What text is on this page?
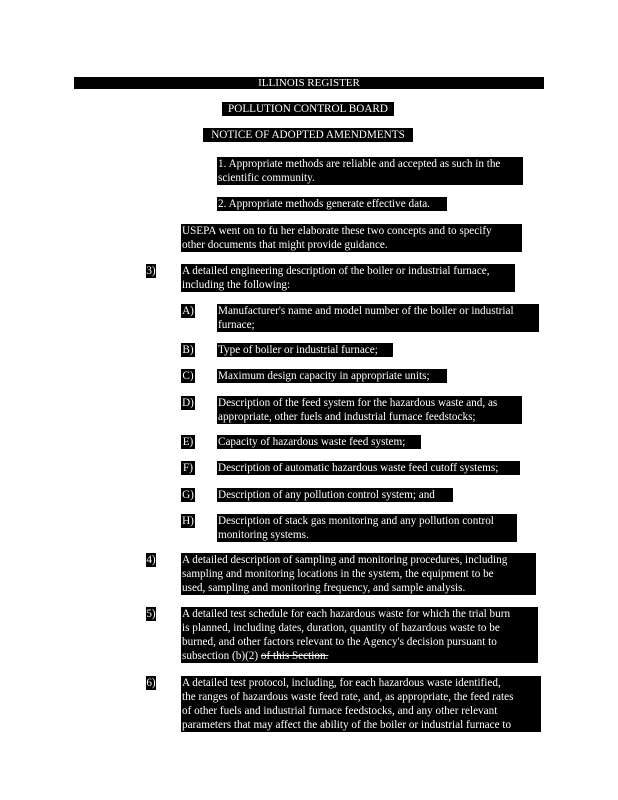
ILLINOIS REGISTER
POLLUTION CONTROL BOARD
NOTICE OF ADOPTED AMENDMENTS
1. Appropriate methods are reliable and accepted as such in the
scientific community.
2. Appropriate methods generate effective data.
USEPA went on to fu her elaborate these two concepts and to specify
other documents that might provide guidance.
3) A detailed engineering description of the boiler or industrial furnace,
including the following:
A) Manufacturer's name and model number of the boiler or industrial
furnace;
B) Type of boiler or industrial furnace;
C) Maximum design capacity in appropriate units;
D) Description of the feed system for the hazardous waste and, as
appropriate, other fuels and industrial furnace feedstocks;
E) Capacity of hazardous waste feed system;
F) Description of automatic hazardous waste feed cutoff systems;
G) Description of any pollution control system; and
H) Description of stack gas monitoring and any pollution control
monitoring systems.
4) A detailed description of sampling and monitoring procedures, including
sampling and monitoring locations in the system, the equipment to be
used, sampling and monitoring frequency, and sample analysis.
5) A detailed test schedule for each hazardous waste for which the trial burn
is planned, including dates, duration, quantity of hazardous waste to be
burned, and other factors relevant to the Agency's decision pursuant to
subsection (b)(2) of this Section.
6) A detailed test protocol, including, for each hazardous waste identified,
the ranges of hazardous waste feed rate, and, as appropriate, the feed rates
of other fuels and industrial furnace feedstocks, and any other relevant
parameters that may affect the ability of the boiler or industrial furnace to
